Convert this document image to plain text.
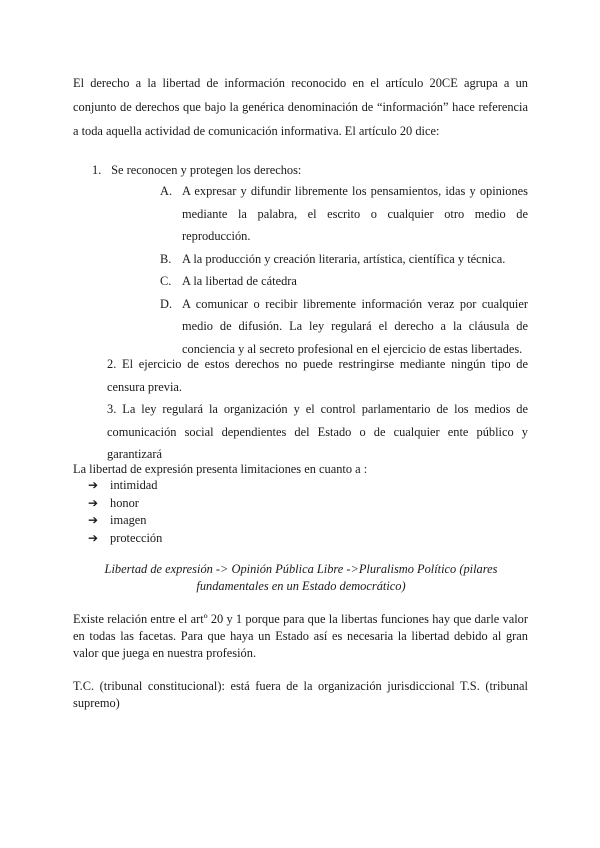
El derecho a la libertad de información reconocido en el artículo 20CE agrupa a un conjunto de derechos que bajo la genérica denominación de “información” hace referencia a toda aquella actividad de comunicación informativa. El artículo 20 dice:
1. Se reconocen y protegen los derechos:
A. A expresar y difundir libremente los pensamientos, idas y opiniones mediante la palabra, el escrito o cualquier otro medio de reproducción.
B. A la producción y creación literaria, artística, científica y técnica.
C. A la libertad de cátedra
D. A comunicar o recibir libremente información veraz por cualquier medio de difusión. La ley regulará el derecho a la cláusula de conciencia y al secreto profesional en el ejercicio de estas libertades.
2. El ejercicio de estos derechos no puede restringirse mediante ningún tipo de censura previa.
3. La ley regulará la organización y el control parlamentario de los medios de comunicación social dependientes del Estado o de cualquier ente público y garantizará
La libertad de expresión presenta limitaciones en cuanto a :
➔ intimidad
➔ honor
➔ imagen
➔ protección
Libertad de expresión -> Opinión Pública Libre ->Pluralismo Político (pilares fundamentales en un Estado democrático)
Existe relación entre el artº 20 y 1 porque para que la libertas funciones hay que darle valor en todas las facetas. Para que haya un Estado así es necesaria la libertad debido al gran valor que juega en nuestra profesión.
T.C. (tribunal constitucional): está fuera de la organización jurisdiccional T.S. (tribunal supremo)
